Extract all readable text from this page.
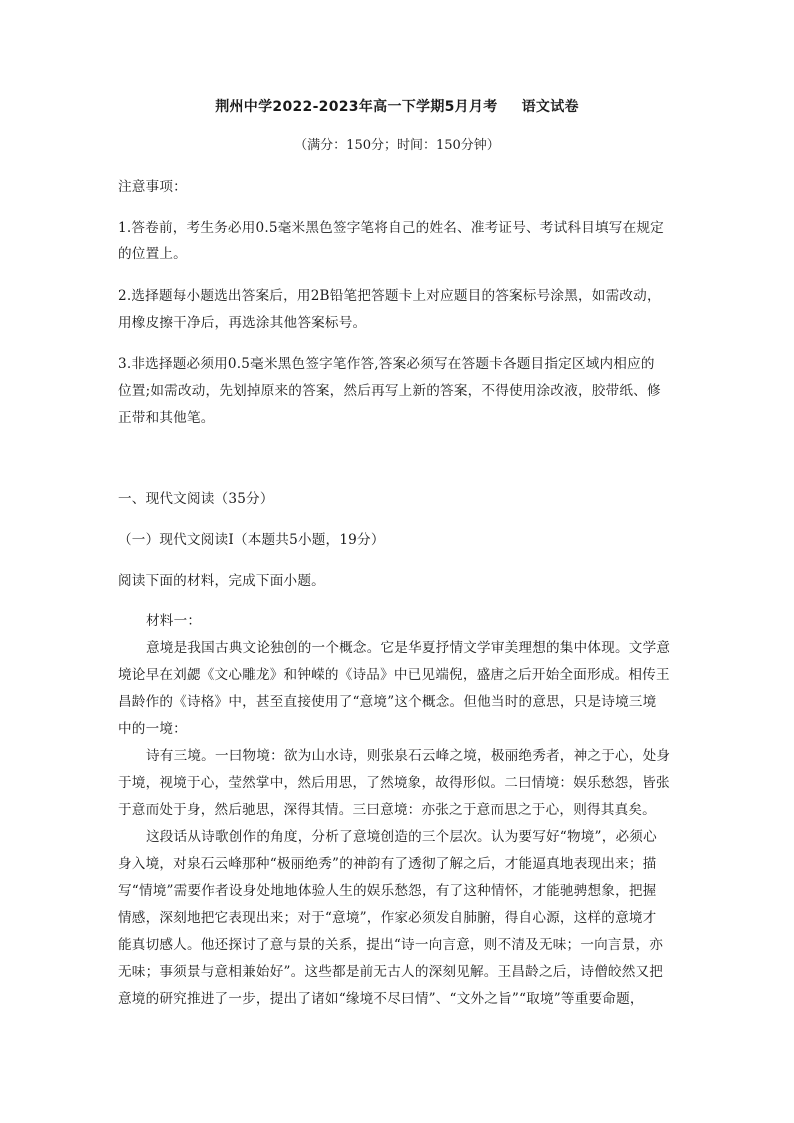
荆州中学2022-2023年高一下学期5月月考 语文试卷
（满分：150分；时间：150分钟）
注意事项：
1.答卷前，考生务必用0.5毫米黑色签字笔将自己的姓名、准考证号、考试科目填写在规定
的位置上。
2.选择题每小题选出答案后，用2B铅笔把答题卡上对应题目的答案标号涂黑，如需改动，
用橡皮擦干净后，再选涂其他答案标号。
3.非选择题必须用0.5毫米黑色签字笔作答,答案必须写在答题卡各题目指定区域内相应的
位置;如需改动，先划掉原来的答案，然后再写上新的答案，不得使用涂改液，胶带纸、修
正带和其他笔。
一、现代文阅读（35分）
（一）现代文阅读Ⅰ（本题共5小题，19分）
阅读下面的材料，完成下面小题。
材料一：
意境是我国古典文论独创的一个概念。它是华夏抒情文学审美理想的集中体现。文学意
境论早在刘勰《文心雕龙》和钟嵘的《诗品》中已见端倪，盛唐之后开始全面形成。相传王
昌龄作的《诗格》中，甚至直接使用了“意境”这个概念。但他当时的意思，只是诗境三境
中的一境：
诗有三境。一曰物境：欲为山水诗，则张泉石云峰之境，极丽绝秀者，神之于心，处身
于境，视境于心，莹然掌中，然后用思，了然境象，故得形似。二曰情境：娱乐愁怨，皆张
于意而处于身，然后驰思，深得其情。三曰意境：亦张之于意而思之于心，则得其真矣。
这段话从诗歌创作的角度，分析了意境创造的三个层次。认为要写好“物境”，必须心
身入境，对泉石云峰那种“极丽绝秀”的神韵有了透彻了解之后，才能逼真地表现出来；描
写“情境”需要作者设身处地地体验人生的娱乐愁怨，有了这种情怀，才能驰骋想象，把握
情感，深刻地把它表现出来；对于“意境”，作家必须发自肺腑，得自心源，这样的意境才
能真切感人。他还探讨了意与景的关系，提出“诗一向言意，则不清及无味；一向言景，亦
无味；事须景与意相兼始好”。这些都是前无古人的深刻见解。王昌龄之后，诗僧皎然又把
意境的研究推进了一步，提出了诸如“缘境不尽曰情”、“文外之旨”“取境”等重要命题，
